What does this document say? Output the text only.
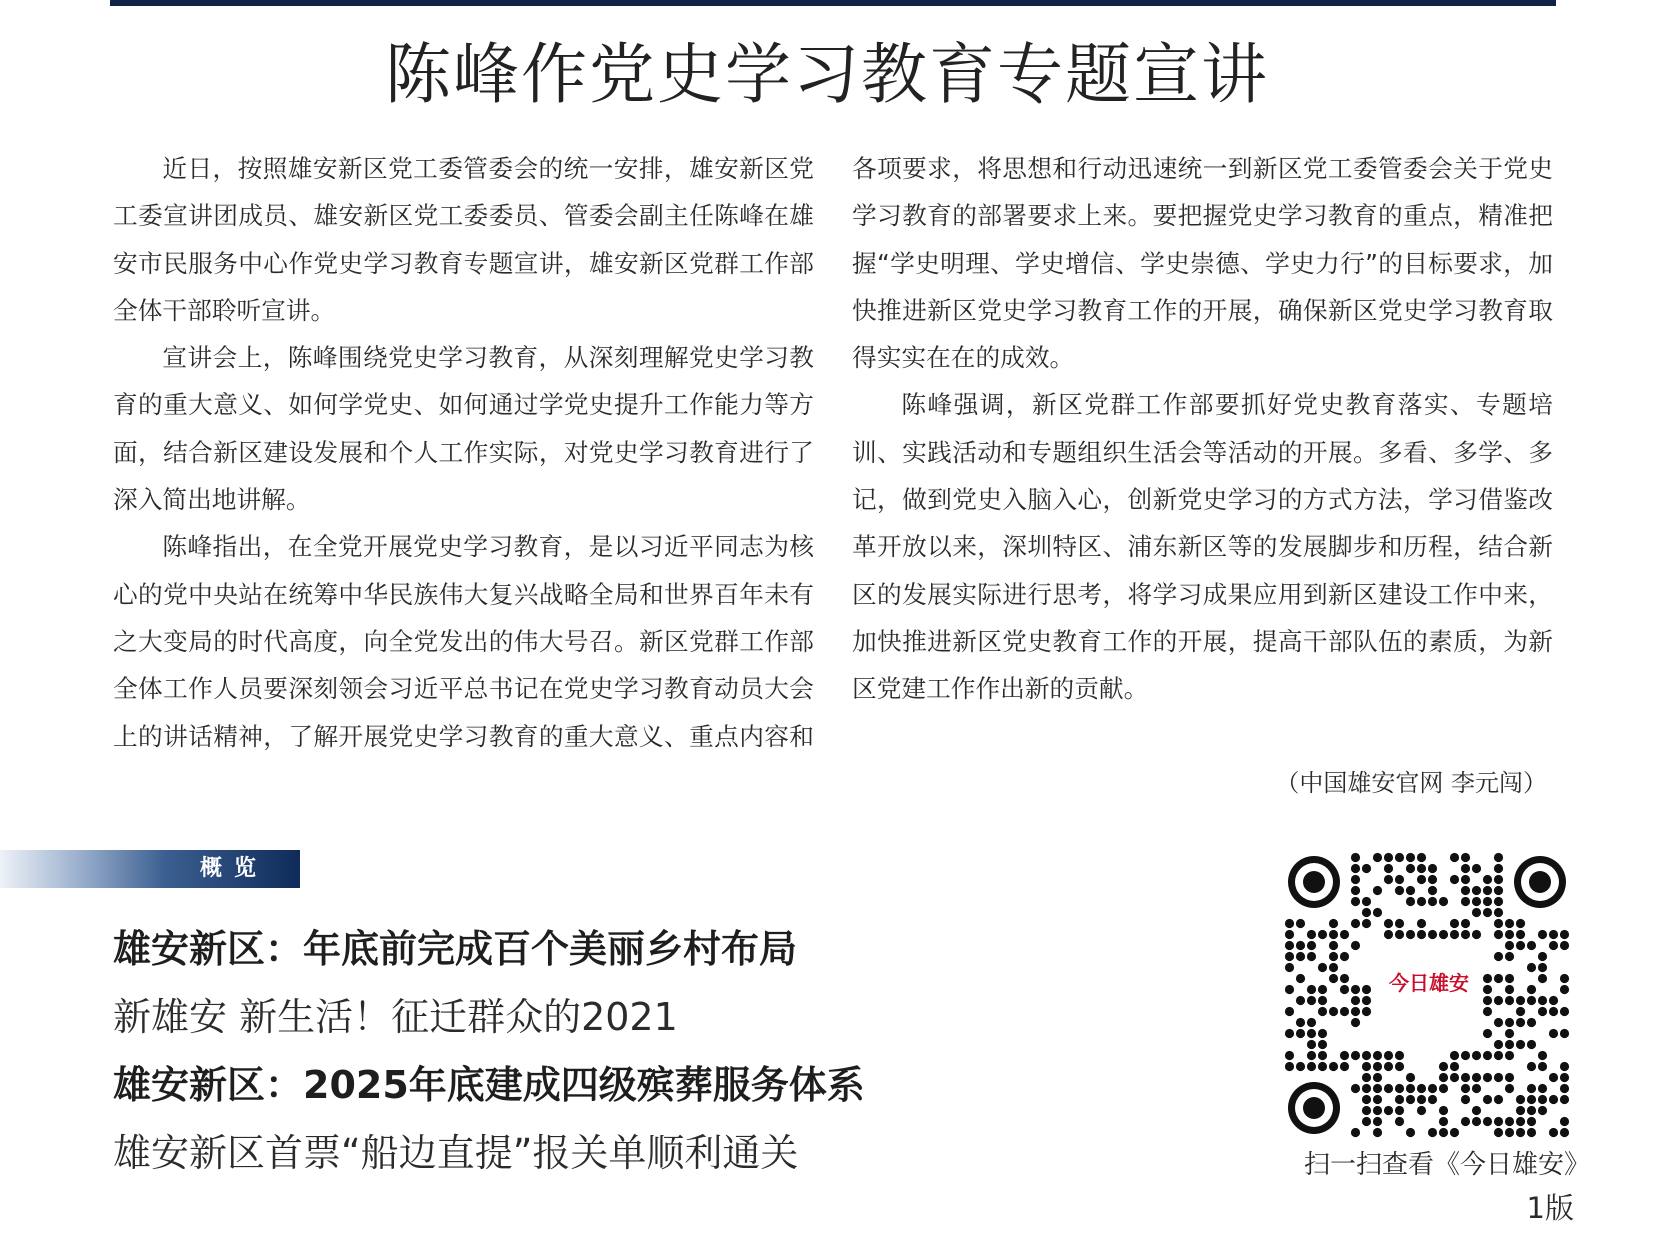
陈峰作党史学习教育专题宣讲

近日，按照雄安新区党工委管委会的统一安排，雄安新区党工委宣讲团成员、雄安新区党工委委员、管委会副主任陈峰在雄安市民服务中心作党史学习教育专题宣讲，雄安新区党群工作部全体干部聆听宣讲。

宣讲会上，陈峰围绕党史学习教育，从深刻理解党史学习教育的重大意义、如何学党史、如何通过学党史提升工作能力等方面，结合新区建设发展和个人工作实际，对党史学习教育进行了深入简出地讲解。

陈峰指出，在全党开展党史学习教育，是以习近平同志为核心的党中央站在统筹中华民族伟大复兴战略全局和世界百年未有之大变局的时代高度，向全党发出的伟大号召。新区党群工作部全体工作人员要深刻领会习近平总书记在党史学习教育动员大会上的讲话精神，了解开展党史学习教育的重大意义、重点内容和各项要求，将思想和行动迅速统一到新区党工委管委会关于党史学习教育的部署要求上来。要把握党史学习教育的重点，精准把握“学史明理、学史增信、学史崇德、学史力行”的目标要求，加快推进新区党史学习教育工作的开展，确保新区党史学习教育取得实实在在的成效。

陈峰强调，新区党群工作部要抓好党史教育落实、专题培训、实践活动和专题组织生活会等活动的开展。多看、多学、多记，做到党史入脑入心，创新党史学习的方式方法，学习借鉴改革开放以来，深圳特区、浦东新区等的发展脚步和历程，结合新区的发展实际进行思考，将学习成果应用到新区建设工作中来，加快推进新区党史教育工作的开展，提高干部队伍的素质，为新区党建工作作出新的贡献。

（中国雄安官网 李元闯）
概览
雄安新区：年底前完成百个美丽乡村布局
新雄安 新生活！征迁群众的2021
雄安新区：2025年底建成四级殡葬服务体系
雄安新区首票“船边直提”报关单顺利通关
今日雄安
扫一扫查看《今日雄安》
1版
